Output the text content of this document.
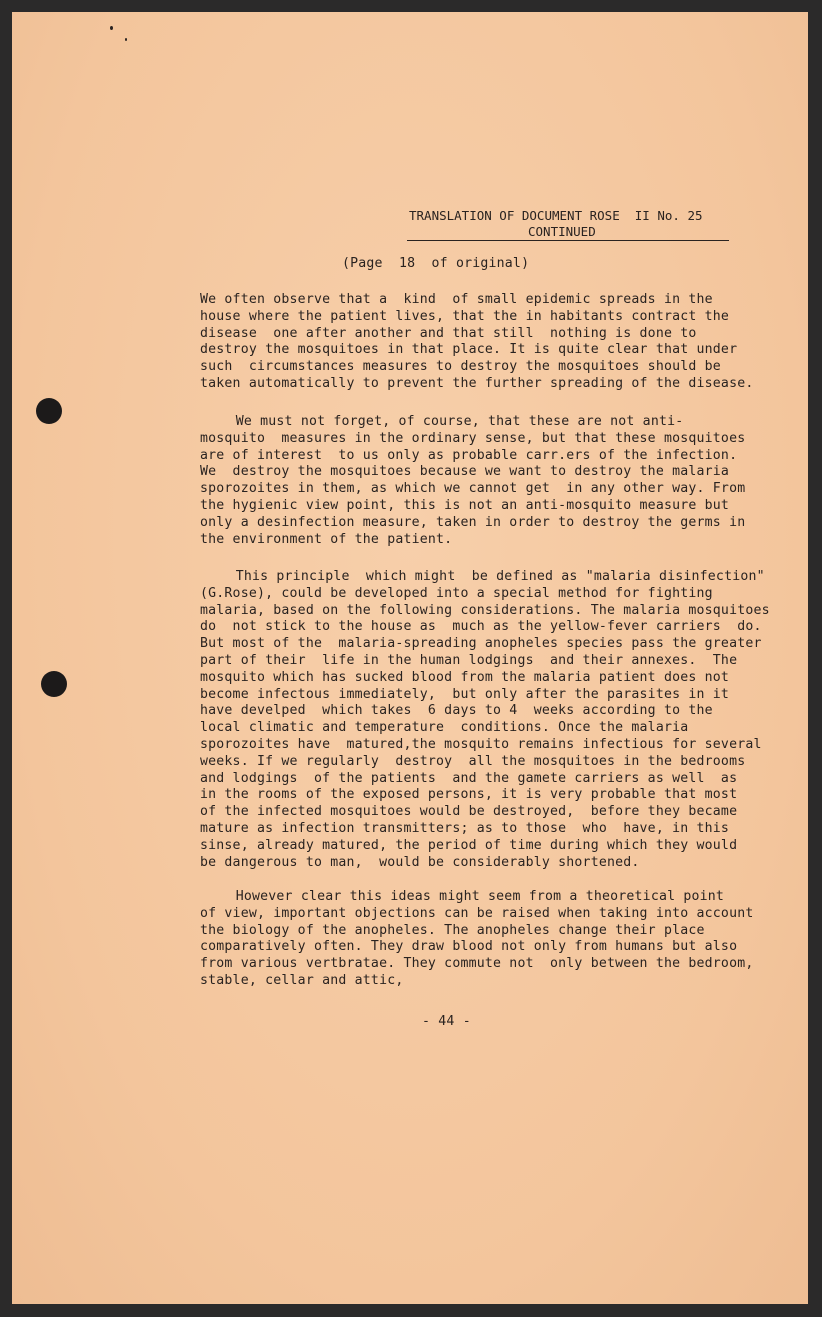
TRANSLATION OF DOCUMENT ROSE  II No. 25
CONTINUED
(Page  18  of original)
We often observe that a  kind  of small epidemic spreads in the
house where the patient lives, that the in habitants contract the
disease  one after another and that still  nothing is done to
destroy the mosquitoes in that place. It is quite clear that under
such  circumstances measures to destroy the mosquitoes should be
taken automatically to prevent the further spreading of the disease.
We must not forget, of course, that these are not anti-
mosquito  measures in the ordinary sense, but that these mosquitoes
are of interest  to us only as probable carr.ers of the infection.
We  destroy the mosquitoes because we want to destroy the malaria
sporozoites in them, as which we cannot get  in any other way. From
the hygienic view point, this is not an anti-mosquito measure but
only a desinfection measure, taken in order to destroy the germs in
the environment of the patient.
This principle  which might  be defined as "malaria disinfection"
(G.Rose), could be developed into a special method for fighting
malaria, based on the following considerations. The malaria mosquitoes
do  not stick to the house as  much as the yellow-fever carriers  do.
But most of the  malaria-spreading anopheles species pass the greater
part of their  life in the human lodgings  and their annexes.  The
mosquito which has sucked blood from the malaria patient does not
become infectous immediately,  but only after the parasites in it
have develped  which takes  6 days to 4  weeks according to the
local climatic and temperature  conditions. Once the malaria
sporozoites have  matured,the mosquito remains infectious for several
weeks. If we regularly  destroy  all the mosquitoes in the bedrooms
and lodgings  of the patients  and the gamete carriers as well  as
in the rooms of the exposed persons, it is very probable that most
of the infected mosquitoes would be destroyed,  before they became
mature as infection transmitters; as to those  who  have, in this
sinse, already matured, the period of time during which they would
be dangerous to man,  would be considerably shortened.
However clear this ideas might seem from a theoretical point
of view, important objections can be raised when taking into account
the biology of the anopheles. The anopheles change their place
comparatively often. They draw blood not only from humans but also
from various vertbratae. They commute not  only between the bedroom,
stable, cellar and attic,
- 44 -
